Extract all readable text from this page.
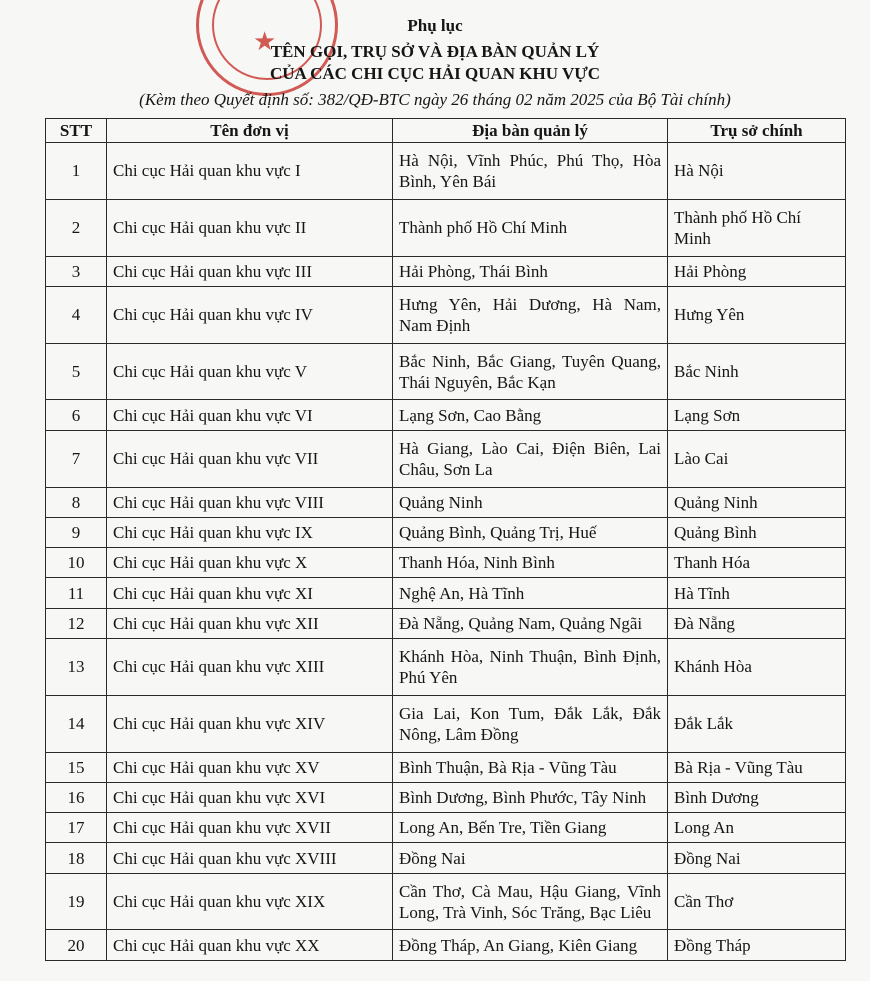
★
Phụ lục
TÊN GỌI, TRỤ SỞ VÀ ĐỊA BÀN QUẢN LÝ
CỦA CÁC CHI CỤC HẢI QUAN KHU VỰC
(Kèm theo Quyết định số: 382/QĐ-BTC ngày 26 tháng 02 năm 2025 của Bộ Tài chính)
STT	Tên đơn vị	Địa bàn quản lý	Trụ sở chính
1	Chi cục Hải quan khu vực I	Hà Nội, Vĩnh Phúc, Phú Thọ, Hòa Bình, Yên Bái	Hà Nội
2	Chi cục Hải quan khu vực II	Thành phố Hồ Chí Minh	Thành phố Hồ Chí Minh
3	Chi cục Hải quan khu vực III	Hải Phòng, Thái Bình	Hải Phòng
4	Chi cục Hải quan khu vực IV	Hưng Yên, Hải Dương, Hà Nam, Nam Định	Hưng Yên
5	Chi cục Hải quan khu vực V	Bắc Ninh, Bắc Giang, Tuyên Quang, Thái Nguyên, Bắc Kạn	Bắc Ninh
6	Chi cục Hải quan khu vực VI	Lạng Sơn, Cao Bằng	Lạng Sơn
7	Chi cục Hải quan khu vực VII	Hà Giang, Lào Cai, Điện Biên, Lai Châu, Sơn La	Lào Cai
8	Chi cục Hải quan khu vực VIII	Quảng Ninh	Quảng Ninh
9	Chi cục Hải quan khu vực IX	Quảng Bình, Quảng Trị, Huế	Quảng Bình
10	Chi cục Hải quan khu vực X	Thanh Hóa, Ninh Bình	Thanh Hóa
11	Chi cục Hải quan khu vực XI	Nghệ An, Hà Tĩnh	Hà Tĩnh
12	Chi cục Hải quan khu vực XII	Đà Nẵng, Quảng Nam, Quảng Ngãi	Đà Nẵng
13	Chi cục Hải quan khu vực XIII	Khánh Hòa, Ninh Thuận, Bình Định, Phú Yên	Khánh Hòa
14	Chi cục Hải quan khu vực XIV	Gia Lai, Kon Tum, Đắk Lắk, Đắk Nông, Lâm Đồng	Đắk Lắk
15	Chi cục Hải quan khu vực XV	Bình Thuận, Bà Rịa - Vũng Tàu	Bà Rịa - Vũng Tàu
16	Chi cục Hải quan khu vực XVI	Bình Dương, Bình Phước, Tây Ninh	Bình Dương
17	Chi cục Hải quan khu vực XVII	Long An, Bến Tre, Tiền Giang	Long An
18	Chi cục Hải quan khu vực XVIII	Đồng Nai	Đồng Nai
19	Chi cục Hải quan khu vực XIX	Cần Thơ, Cà Mau, Hậu Giang, Vĩnh Long, Trà Vinh, Sóc Trăng, Bạc Liêu	Cần Thơ
20	Chi cục Hải quan khu vực XX	Đồng Tháp, An Giang, Kiên Giang	Đồng Tháp
